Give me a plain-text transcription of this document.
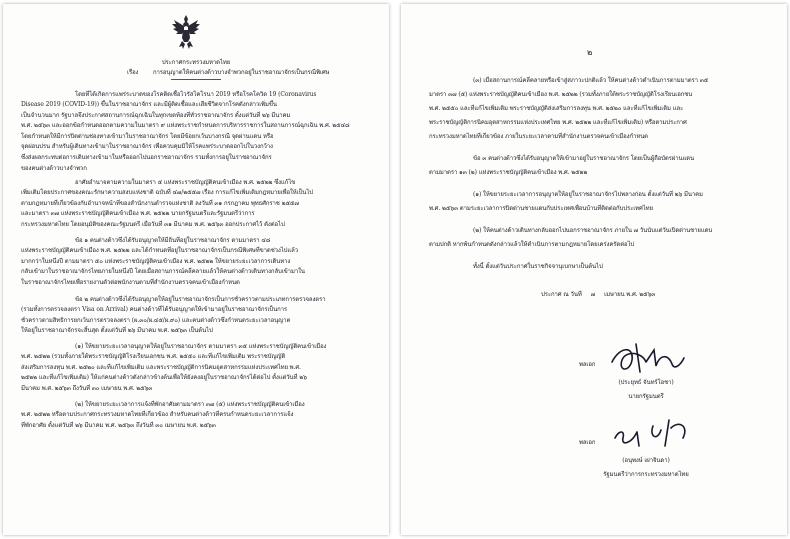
ประกาศกระทรวงมหาดไทย
เรื่อง การอนุญาตให้คนต่างด้าวบางจำพวกอยู่ในราชอาณาจักรเป็นกรณีพิเศษ
โดยที่ได้เกิดการแพร่ระบาดของโรคติดเชื้อไวรัสโคโรนา 2019 หรือโรคโควิด 19 (Coronavirus
Disease 2019 (COVID-19)) ขึ้นในราชอาณาจักร และมีผู้ติดเชื้อและเสียชีวิตจากโรคดังกล่าวเพิ่มขึ้น
เป็นจำนวนมาก รัฐบาลจึงประกาศสถานการณ์ฉุกเฉินในทุกเขตท้องที่ทั่วราชอาณาจักร ตั้งแต่วันที่ ๒๖ มีนาคม
พ.ศ. ๒๕๖๓ และออกข้อกำหนดออกตามความในมาตรา ๙ แห่งพระราชกำหนดการบริหารราชการในสถานการณ์ฉุกเฉิน พ.ศ. ๒๕๔๘
โดยกำหนดให้มีการปิดด่านช่องทางเข้ามาในราชอาณาจักร โดยมีข้อยกเว้นบางกรณี จุดผ่านแดน หรือ
จุดผ่อนปรน สำหรับผู้เดินทางเข้ามาในราชอาณาจักร เพื่อควบคุมมิให้โรคแพร่ระบาดออกไปในวงกว้าง
ซึ่งส่งผลกระทบต่อการเดินทางเข้ามาในหรือออกไปนอกราชอาณาจักร รวมทั้งการอยู่ในราชอาณาจักร
ของคนต่างด้าวบางจำพวก
อาศัยอำนาจตามความในมาตรา ๕ แห่งพระราชบัญญัติคนเข้าเมือง พ.ศ. ๒๕๒๒ ซึ่งแก้ไข
เพิ่มเติมโดยประกาศของคณะรักษาความสงบแห่งชาติ ฉบับที่ ๔๗/๒๕๕๗ เรื่อง การแก้ไขเพิ่มเติมกฎหมายเพื่อให้เป็นไป
ตามกฎหมายที่เกี่ยวข้องกับอำนาจหน้าที่ของสำนักงานตำรวจแห่งชาติ ลงวันที่ ๓๑ กรกฎาคม พุทธศักราช ๒๕๕๗
และมาตรา ๓๗ แห่งพระราชบัญญัติคนเข้าเมือง พ.ศ. ๒๕๒๒ นายกรัฐมนตรีและรัฐมนตรีว่าการ
กระทรวงมหาดไทย โดยอนุมัติของคณะรัฐมนตรี เมื่อวันที่ ๓๑ มีนาคม พ.ศ. ๒๕๖๓ ออกประกาศไว้ ดังต่อไป
ข้อ ๑ คนต่างด้าวซึ่งได้รับอนุญาตให้มีถิ่นที่อยู่ในราชอาณาจักร ตามมาตรา ๔๘
แห่งพระราชบัญญัติคนเข้าเมือง พ.ศ. ๒๕๒๒ และได้กำหนดที่อยู่ในราชอาณาจักรเป็นกรณีพิเศษที่ขาดช่วงไปแล้ว
มากกว่าในหนึ่งปี ตามมาตรา ๕๐ แห่งพระราชบัญญัติคนเข้าเมือง พ.ศ. ๒๕๒๒ ให้ขยายระยะเวลาการเดินทาง
กลับเข้ามาในราชอาณาจักรไทยภายในหนึ่งปี โดยเมื่อสถานการณ์คลี่คลายแล้วให้คนต่างด้าวเดินทางกลับเข้ามาใน
ในราชอาณาจักรไทยเพื่อรายงานตัวต่อพนักงานตามที่สำนักงานตรวจคนเข้าเมืองกำหนด
ข้อ ๒ คนต่างด้าวซึ่งได้รับอนุญาตให้อยู่ในราชอาณาจักรเป็นการชั่วคราวตามประเภทการตรวจลงตรา
(รวมทั้งการตรวจลงตรา Visa on Arrival) คนต่างด้าวที่ได้รับอนุญาตให้เข้ามาอยู่ในราชอาณาจักรเป็นการ
ชั่วคราวตามสิทธิการยกเว้นการตรวจลงตรา (ผ.๓๐/ผ.๔๕/ผ.๙๐) และคนต่างด้าวซึ่งกำหนดระยะเวลาอนุญาต
ให้อยู่ในราชอาณาจักรจะสิ้นสุด ตั้งแต่วันที่ ๒๖ มีนาคม พ.ศ. ๒๕๖๓ เป็นต้นไป
(๑) ให้ขยายระยะเวลาอนุญาตให้อยู่ในราชอาณาจักร ตามมาตรา ๓๕ แห่งพระราชบัญญัติคนเข้าเมือง
พ.ศ. ๒๕๒๒ (รวมทั้งภายใต้พระราชบัญญัติโรงเรียนเอกชน พ.ศ. ๒๕๕๐ และที่แก้ไขเพิ่มเติม พระราชบัญญัติ
ส่งเสริมการลงทุน พ.ศ. ๒๕๒๐ และที่แก้ไขเพิ่มเติม และพระราชบัญญัติการนิคมอุตสาหกรรมแห่งประเทศไทย พ.ศ.
๒๕๒๒ และที่แก้ไขเพิ่มเติม) ให้แก่คนต่างด้าวดังกล่าวข้างต้นเพื่อให้ยังคงอยู่ในราชอาณาจักรได้ต่อไป ตั้งแต่วันที่ ๒๖
มีนาคม พ.ศ. ๒๕๖๓ ถึงวันที่ ๓๐ เมษายน พ.ศ. ๒๕๖๓
(๒) ให้ขยายระยะเวลาการแจ้งที่พักอาศัยตามมาตรา ๓๗ (๕) แห่งพระราชบัญญัติคนเข้าเมือง
พ.ศ. ๒๕๒๒ หรือตามประกาศกระทรวงมหาดไทยที่เกี่ยวข้อง สำหรับคนต่างด้าวที่ครบกำหนดระยะเวลาการแจ้ง
ที่พักอาศัย ตั้งแต่วันที่ ๒๖ มีนาคม พ.ศ. ๒๕๖๓ ถึงวันที่ ๓๐ เมษายน พ.ศ. ๒๕๖๓
๒
(๓) เมื่อสถานการณ์คลี่คลายหรือเข้าสู่สภาวะปกติแล้ว ให้คนต่างด้าวดำเนินการตามมาตรา ๓๕
มาตรา ๓๗ (๕) แห่งพระราชบัญญัติคนเข้าเมือง พ.ศ. ๒๕๒๒ (รวมทั้งภายใต้พระราชบัญญัติโรงเรียนเอกชน
พ.ศ. ๒๕๕๐ และที่แก้ไขเพิ่มเติม พระราชบัญญัติส่งเสริมการลงทุน พ.ศ. ๒๕๒๐ และที่แก้ไขเพิ่มเติม และ
พระราชบัญญัติการนิคมอุตสาหกรรมแห่งประเทศไทย พ.ศ. ๒๕๒๒ และที่แก้ไขเพิ่มเติม) หรือตามประกาศ
กระทรวงมหาดไทยที่เกี่ยวข้อง ภายในระยะเวลาตามที่สำนักงานตรวจคนเข้าเมืองกำหนด
ข้อ ๓ คนต่างด้าวซึ่งได้รับอนุญาตให้เข้ามาอยู่ในราชอาณาจักร โดยเป็นผู้ถือบัตรผ่านแดน
ตามมาตรา ๑๓ (๒) แห่งพระราชบัญญัติคนเข้าเมือง พ.ศ. ๒๕๒๒
(๑) ให้ขยายระยะเวลาการอนุญาตให้อยู่ในราชอาณาจักรไปพลางก่อน ตั้งแต่วันที่ ๒๖ มีนาคม
พ.ศ. ๒๕๖๓ ตามระยะเวลาการปิดด่านชายแดนกับประเทศเพื่อนบ้านที่ติดต่อกับประเทศไทย
(๒) ให้คนต่างด้าวเดินทางกลับออกไปนอกราชอาณาจักร ภายใน ๗ วันนับแต่วันเปิดด่านชายแดน
ตามปกติ หากพ้นกำหนดดังกล่าวแล้วให้ดำเนินการตามกฎหมายโดยเคร่งครัดต่อไป
ทั้งนี้ ตั้งแต่วันประกาศในราชกิจจานุเบกษาเป็นต้นไป
ประกาศ ณ วันที่     ๗     เมษายน พ.ศ. ๒๕๖๓
พลเอก
(ประยุทธ์ จันทร์โอชา)
นายกรัฐมนตรี
พลเอก
(อนุพงษ์ เผ่าจินดา)
รัฐมนตรีว่าการกระทรวงมหาดไทย
